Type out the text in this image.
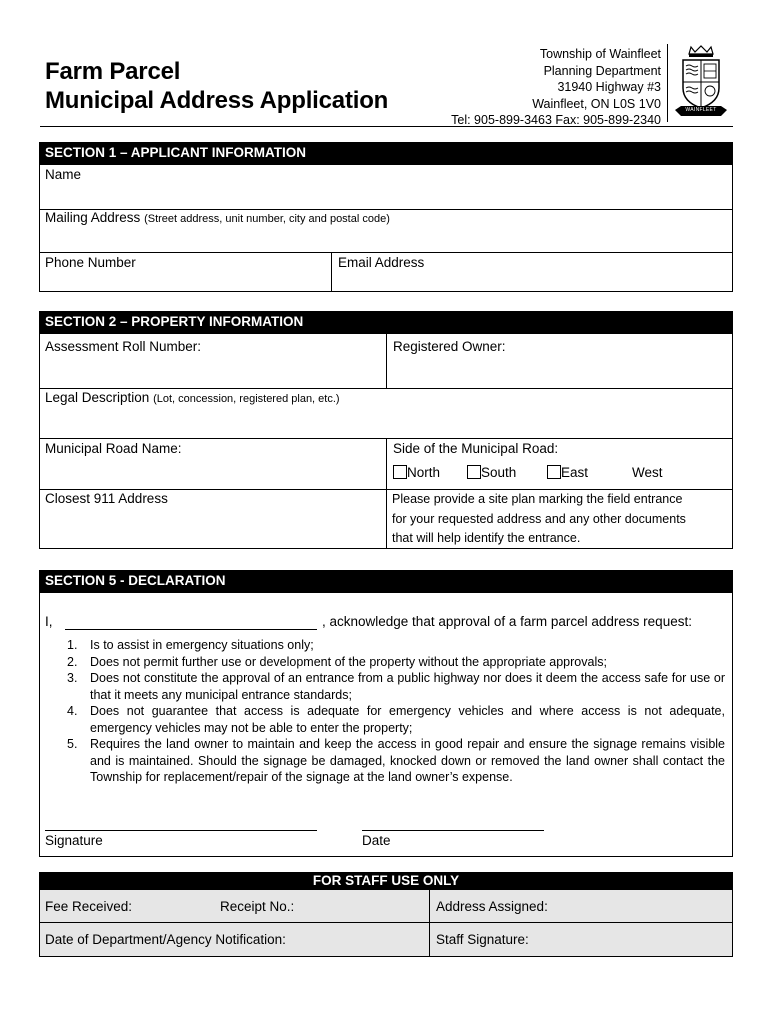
Farm Parcel
Municipal Address Application
Township of Wainfleet
Planning Department
31940 Highway #3
Wainfleet, ON L0S 1V0
Tel: 905-899-3463 Fax: 905-899-2340
WAINFLEET
SECTION 1 – APPLICANT INFORMATION
Name
Mailing Address (Street address, unit number, city and postal code)
Phone Number	Email Address
SECTION 2 – PROPERTY INFORMATION
Assessment Roll Number:	Registered Owner:
Legal Description (Lot, concession, registered plan, etc.)
Municipal Road Name:	Side of the Municipal Road:
North	South	East	West
Closest 911 Address	Please provide a site plan marking the field entrance
for your requested address and any other documents
that will help identify the entrance.
SECTION 5 - DECLARATION
I,	, acknowledge that approval of a farm parcel address request:
1. Is to assist in emergency situations only;
2. Does not permit further use or development of the property without the appropriate approvals;
3. Does not constitute the approval of an entrance from a public highway nor does it deem the access safe for use or that it meets any municipal entrance standards;
4. Does not guarantee that access is adequate for emergency vehicles and where access is not adequate, emergency vehicles may not be able to enter the property;
5. Requires the land owner to maintain and keep the access in good repair and ensure the signage remains visible and is maintained. Should the signage be damaged, knocked down or removed the land owner shall contact the Township for replacement/repair of the signage at the land owner’s expense.
Signature	Date
FOR STAFF USE ONLY
Fee Received:	Receipt No.:	Address Assigned:
Date of Department/Agency Notification:	Staff Signature:
